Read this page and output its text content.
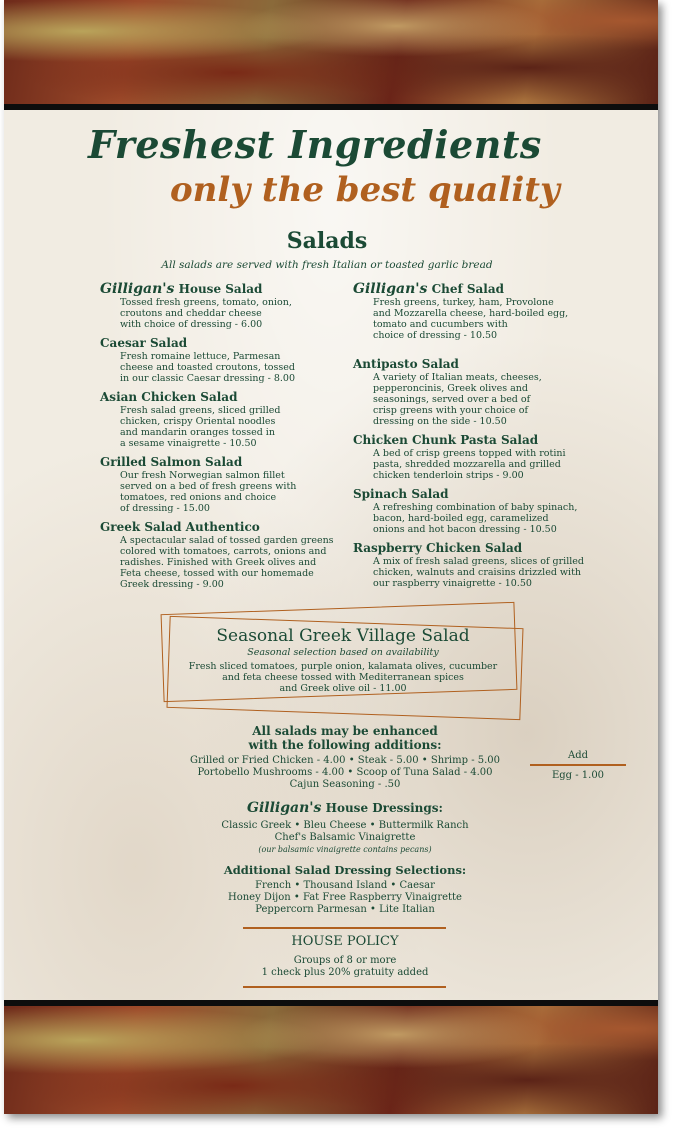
Freshest Ingredients
only the best quality
Salads
All salads are served with fresh Italian or toasted garlic bread
Gilligan's House Salad
Tossed fresh greens, tomato, onion,
croutons and cheddar cheese
with choice of dressing - 6.00
Caesar Salad
Fresh romaine lettuce, Parmesan
cheese and toasted croutons, tossed
in our classic Caesar dressing - 8.00
Asian Chicken Salad
Fresh salad greens, sliced grilled
chicken, crispy Oriental noodles
and mandarin oranges tossed in
a sesame vinaigrette - 10.50
Grilled Salmon Salad
Our fresh Norwegian salmon fillet
served on a bed of fresh greens with
tomatoes, red onions and choice
of dressing - 15.00
Greek Salad Authentico
A spectacular salad of tossed garden greens
colored with tomatoes, carrots, onions and
radishes. Finished with Greek olives and
Feta cheese, tossed with our homemade
Greek dressing - 9.00
Gilligan's Chef Salad
Fresh greens, turkey, ham, Provolone
and Mozzarella cheese, hard-boiled egg,
tomato and cucumbers with
choice of dressing - 10.50
Antipasto Salad
A variety of Italian meats, cheeses,
pepperoncinis, Greek olives and
seasonings, served over a bed of
crisp greens with your choice of
dressing on the side - 10.50
Chicken Chunk Pasta Salad
A bed of crisp greens topped with rotini
pasta, shredded mozzarella and grilled
chicken tenderloin strips - 9.00
Spinach Salad
A refreshing combination of baby spinach,
bacon, hard-boiled egg, caramelized
onions and hot bacon dressing - 10.50
Raspberry Chicken Salad
A mix of fresh salad greens, slices of grilled
chicken, walnuts and craisins drizzled with
our raspberry vinaigrette - 10.50
Seasonal Greek Village Salad
Seasonal selection based on availability
Fresh sliced tomatoes, purple onion, kalamata olives, cucumber
and feta cheese tossed with Mediterranean spices
and Greek olive oil - 11.00
All salads may be enhanced
with the following additions:
Grilled or Fried Chicken - 4.00 • Steak - 5.00 • Shrimp - 5.00
Portobello Mushrooms - 4.00 • Scoop of Tuna Salad - 4.00
Cajun Seasoning - .50
Add
Egg - 1.00
Gilligan's House Dressings:
Classic Greek • Bleu Cheese • Buttermilk Ranch
Chef's Balsamic Vinaigrette
(our balsamic vinaigrette contains pecans)
Additional Salad Dressing Selections:
French • Thousand Island • Caesar
Honey Dijon • Fat Free Raspberry Vinaigrette
Peppercorn Parmesan • Lite Italian
HOUSE POLICY
Groups of 8 or more
1 check plus 20% gratuity added
